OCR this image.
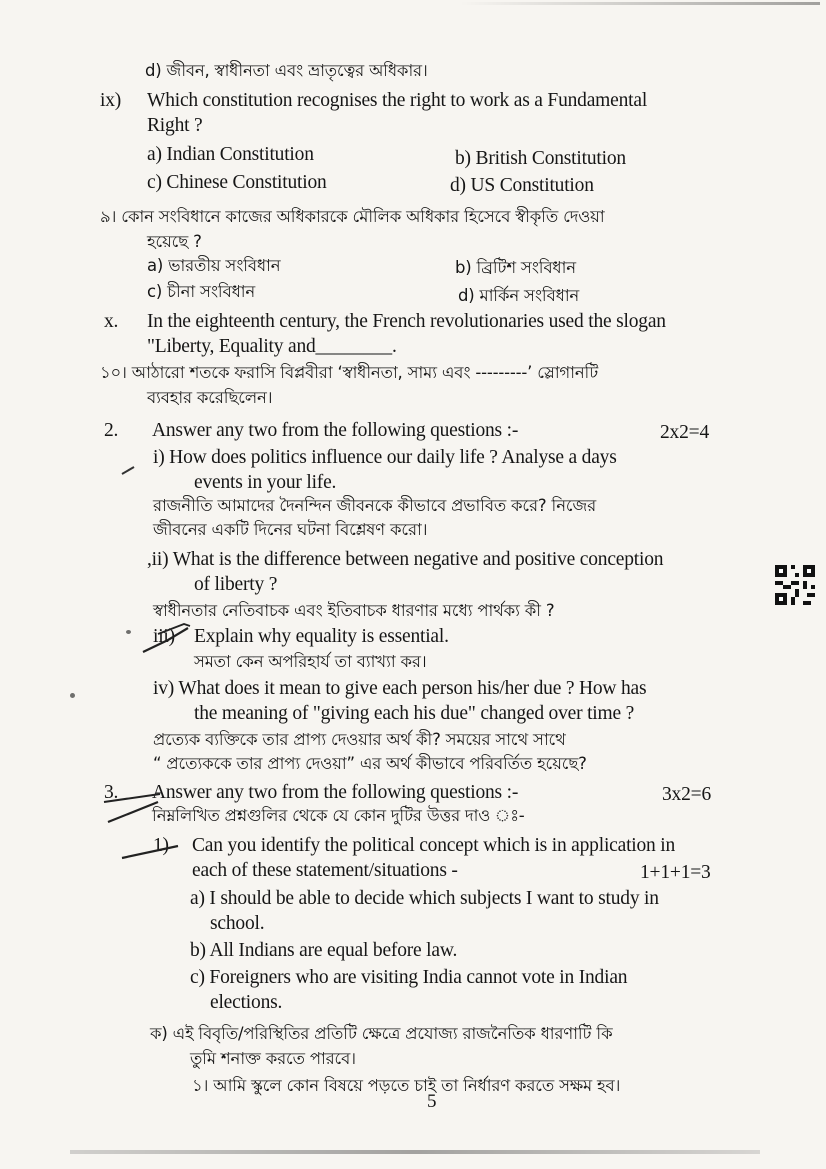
d) জীবন, স্বাধীনতা এবং ভ্রাতৃত্বের অধিকার।
ix) Which constitution recognises the right to work as a Fundamental
Right ?
a) Indian Constitution	b) British Constitution
c) Chinese Constitution	d) US Constitution
৯। কোন সংবিধানে কাজের অধিকারকে মৌলিক অধিকার হিসেবে স্বীকৃতি দেওয়া
হয়েছে ?
a) ভারতীয় সংবিধান	b) ব্রিটিশ সংবিধান
c) চীনা সংবিধান	d) মার্কিন সংবিধান
x. In the eighteenth century, the French revolutionaries used the slogan
"Liberty, Equality and________.
১০। আঠারো শতকে ফরাসি বিপ্লবীরা ‘স্বাধীনতা, সাম্য এবং ---------’ স্লোগানটি
ব্যবহার করেছিলেন।
2. Answer any two from the following questions :-	2x2=4
i) How does politics influence our daily life ? Analyse a days
events in your life.
রাজনীতি আমাদের দৈনন্দিন জীবনকে কীভাবে প্রভাবিত করে? নিজের
জীবনের একটি দিনের ঘটনা বিশ্লেষণ করো।
,ii) What is the difference between negative and positive conception
of liberty ?
স্বাধীনতার নেতিবাচক এবং ইতিবাচক ধারণার মধ্যে পার্থক্য কী ?
iii) Explain why equality is essential.
সমতা কেন অপরিহার্য তা ব্যাখ্যা কর।
iv) What does it mean to give each person his/her due ? How has
the meaning of "giving each his due" changed over time ?
প্রত্যেক ব্যক্তিকে তার প্রাপ্য দেওয়ার অর্থ কী? সময়ের সাথে সাথে
“ প্রত্যেককে তার প্রাপ্য দেওয়া” এর অর্থ কীভাবে পরিবর্তিত হয়েছে?
3. Answer any two from the following questions :-	3x2=6
নিম্নলিখিত প্রশ্নগুলির থেকে যে কোন দুটির উত্তর দাও ঃ-
1) Can you identify the political concept which is in application in
each of these statement/situations -	1+1+1=3
a) I should be able to decide which subjects I want to study in
school.
b) All Indians are equal before law.
c) Foreigners who are visiting India cannot vote in Indian
elections.
ক) এই বিবৃতি/পরিস্থিতির প্রতিটি ক্ষেত্রে প্রযোজ্য রাজনৈতিক ধারণাটি কি
তুমি শনাক্ত করতে পারবে।
১। আমি স্কুলে কোন বিষয়ে পড়তে চাই তা নির্ধারণ করতে সক্ষম হব।
5
